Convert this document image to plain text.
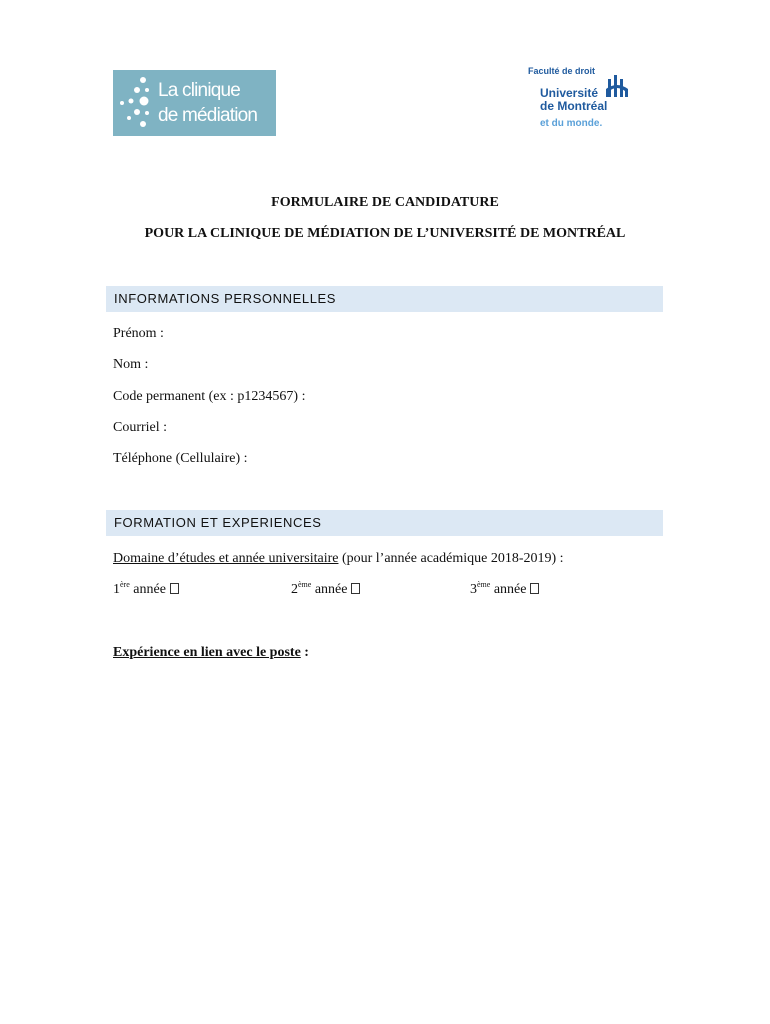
La clinique
de médiation
Faculté de droit
Université
de Montréal
et du monde.
FORMULAIRE DE CANDIDATURE
POUR LA CLINIQUE DE MÉDIATION DE L’UNIVERSITÉ DE MONTRÉAL
INFORMATIONS PERSONNELLES
Prénom :
Nom :
Code permanent (ex : p1234567) :
Courriel :
Téléphone (Cellulaire) :
FORMATION ET EXPERIENCES
Domaine d’études et année universitaire (pour l’année académique 2018-2019) :
1ère année	2ème année	3ème année
Expérience en lien avec le poste :
